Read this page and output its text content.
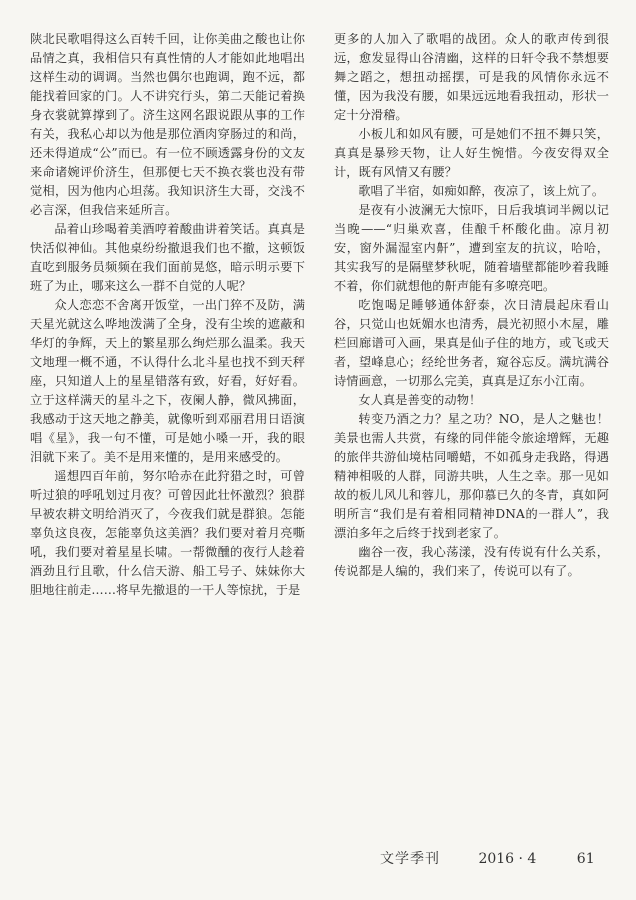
陕北民歌唱得这么百转千回，让你美曲之酸也让你品情之真，我相信只有真性情的人才能如此地唱出这样生动的调调。当然也偶尔也跑调，跑不远，都能找着回家的门。人不讲究行头，第二天能记着换身衣裳就算撑到了。济生这网名跟说跟从事的工作有关，我私心却以为他是那位酒肉穿肠过的和尚，还未得道成“公”而已。有一位不顾透露身份的文友来命诸婉评价济生，但那便七天不换衣裳也没有带觉相，因为他内心坦荡。我知识济生大哥，交浅不必言深，但我信来延所言。

品着山珍喝着美酒哼着酸曲讲着笑话。真真是快活似神仙。其他桌纷纷撤退我们也不撤，这顿饭直吃到服务员频频在我们面前晃悠，暗示明示要下班了为止，哪来这么一群不自觉的人呢？

众人恋恋不舍离开饭堂，一出门猝不及防，满天星光就这么哗地泼满了全身，没有尘埃的遮蔽和华灯的争辉，天上的繁星那么绚烂那么温柔。我天文地理一概不通，不认得什么北斗星也找不到天秤座，只知道人上的星星错落有致，好看，好好看。立于这样满天的星斗之下，夜阑人静，微风拂面，我感动于这天地之静美，就像听到邓丽君用日语演唱《星》，我一句不懂，可是她小嗓一开，我的眼泪就下来了。美不是用来懂的，是用来感受的。

遥想四百年前，努尔哈赤在此狩猎之时，可曾听过狼的呼吼划过月夜？可曾因此壮怀激烈？狼群早被农耕文明给消灭了，今夜我们就是群狼。怎能辜负这良夜，怎能辜负这美酒？我们要对着月亮嘶吼，我们要对着星星长啸。一帮微醺的夜行人趁着酒劲且行且歌，什么信天游、船工号子、妹妹你大胆地往前走……将早先撤退的一干人等惊扰，于是

更多的人加入了歌唱的战团。众人的歌声传到很远，愈发显得山谷清幽，这样的日轩令我不禁想要舞之蹈之，想扭动摇摆，可是我的风情你永远不懂，因为我没有腰，如果远远地看我扭动，形状一定十分滑稽。

小板儿和如风有腰，可是她们不扭不舞只笑，真真是暴殄天物，让人好生惋惜。今夜安得双全计，既有风情又有腰？

歌唱了半宿，如痴如醉，夜凉了，该上炕了。

是夜有小波澜无大惊吓，日后我填词半阙以记当晚——“归巢欢喜，佳酿千杯酸化曲。凉月初安，窗外漏湿室内鼾”，遭到室友的抗议，哈哈，其实我写的是隔壁梦秋呢，随着墙壁都能吵着我睡不着，你们就想他的鼾声能有多嘹亮吧。

吃饱喝足睡够通体舒泰，次日清晨起床看山谷，只觉山也妩媚水也清秀，晨光初照小木屋，雕栏回廊谱可入画，果真是仙子住的地方，或飞或天者，望峰息心；经纶世务者，窥谷忘反。满坑满谷诗情画意，一切那么完美，真真是辽东小江南。

女人真是善变的动物！

转变乃酒之力？星之功？NO，是人之魅也！美景也需人共赏，有缘的同伴能令旅途增辉，无趣的旅伴共游仙境枯同嚼蜡，不如孤身走我路，得遇精神相吸的人群，同游共哄，人生之幸。那一见如故的板儿风儿和蓉儿，那仰慕已久的冬青，真如阿明所言“我们是有着相同精神DNA的一群人”，我漂泊多年之后终于找到老家了。

幽谷一夜，我心荡漾，没有传说有什么关系，传说都是人编的，我们来了，传说可以有了。

文学季刊	2016 · 4	61
